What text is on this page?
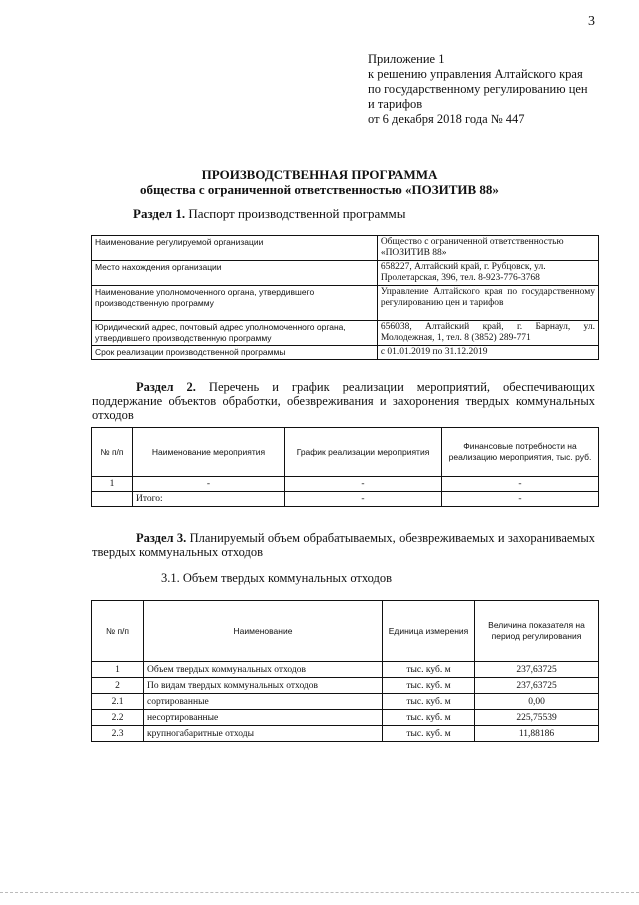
3
Приложение 1
к решению управления Алтайского края
по государственному регулированию цен
и тарифов
от 6 декабря 2018 года № 447
ПРОИЗВОДСТВЕННАЯ ПРОГРАММА
общества с ограниченной ответственностью «ПОЗИТИВ 88»
Раздел 1. Паспорт производственной программы
Наименование регулируемой организации	Общество с ограниченной ответственностью «ПОЗИТИВ 88»
Место нахождения организации	658227, Алтайский край, г. Рубцовск, ул. Пролетарская, 396, тел. 8-923-776-3768
Наименование уполномоченного органа, утвердившего производственную программу	Управление Алтайского края по государственному регулированию цен и тарифов
Юридический адрес, почтовый адрес уполномоченного органа, утвердившего производственную программу	656038, Алтайский край, г. Барнаул, ул. Молодежная, 1, тел. 8 (3852) 289-771
Срок реализации производственной программы	с 01.01.2019 по 31.12.2019
Раздел 2. Перечень и график реализации мероприятий, обеспечивающих поддержание объектов обработки, обезвреживания и захоронения твердых коммунальных отходов
№ п/п	Наименование мероприятия	График реализации мероприятия	Финансовые потребности на реализацию мероприятия, тыс. руб.
1	-	-	-
	Итого:	-	-
Раздел 3. Планируемый объем обрабатываемых, обезвреживаемых и захораниваемых твердых коммунальных отходов
3.1. Объем твердых коммунальных отходов
№ п/п	Наименование	Единица измерения	Величина показателя на период регулирования
1	Объем твердых коммунальных отходов	тыс. куб. м	237,63725
2	По видам твердых коммунальных отходов	тыс. куб. м	237,63725
2.1	сортированные	тыс. куб. м	0,00
2.2	несортированные	тыс. куб. м	225,75539
2.3	крупногабаритные отходы	тыс. куб. м	11,88186
